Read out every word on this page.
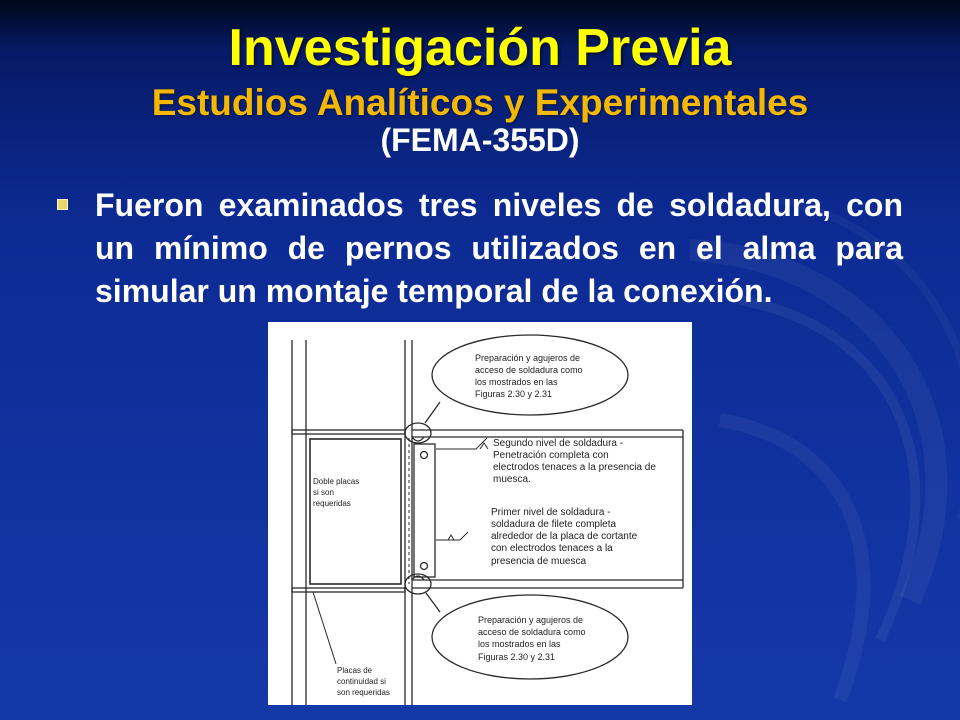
Investigación Previa
Estudios Analíticos y Experimentales
(FEMA-355D)
Fueron examinados tres niveles de soldadura, con un mínimo de pernos utilizados en el alma para simular un montaje temporal de la conexión.
Preparación y agujeros de
acceso de soldadura como
los mostrados en las
Figuras 2.30 y 2.31
Segundo nivel de soldadura -
Penetración completa con
electrodos tenaces a la presencia de
muesca.
Primer nivel de soldadura -
soldadura de filete completa
alrededor de la placa de cortante
con electrodos tenaces a la
presencia de muesca
Preparación y agujeros de
acceso de soldadura como
los mostrados en las
Figuras 2.30 y 2.31
Doble placas
si son
requeridas
Placas de
continuidad si
son requeridas
